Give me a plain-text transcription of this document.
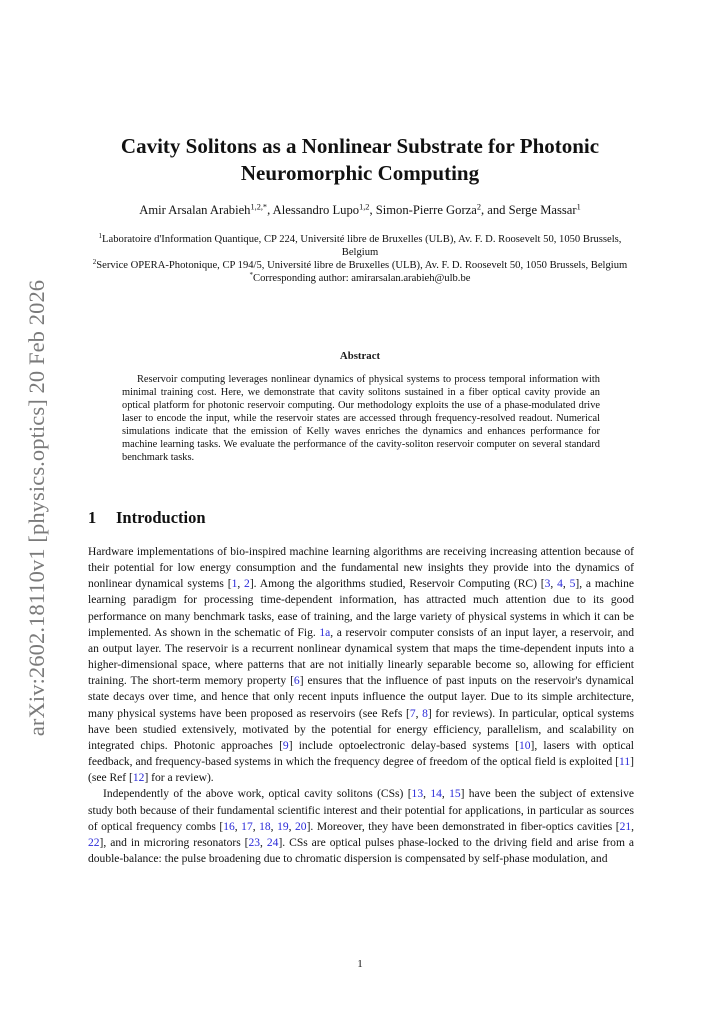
arXiv:2602.18110v1 [physics.optics] 20 Feb 2026
Cavity Solitons as a Nonlinear Substrate for Photonic
Neuromorphic Computing
Amir Arsalan Arabieh$^{1,2,*}$, Alessandro Lupo$^{1,2}$, Simon-Pierre Gorza$^2$, and Serge Massar$^1$

$^1$Laboratoire d'Information Quantique, CP 224, Université libre de Bruxelles (ULB), Av. F. D. Roosevelt 50, 1050 Brussels, Belgium

$^2$Service OPERA-Photonique, CP 194/5, Université libre de Bruxelles (ULB), Av. F. D. Roosevelt 50, 1050 Brussels, Belgium

*Corresponding author: amirarsalan.arabieh@ulb.be

Abstract

Reservoir computing leverages nonlinear dynamics of physical systems to process temporal information with minimal training cost. Here, we demonstrate that cavity solitons sustained in a fiber optical cavity provide an optical platform for photonic reservoir computing. Our methodology exploits the use of a phase-modulated drive laser to encode the input, while the reservoir states are accessed through frequency-resolved readout. Numerical simulations indicate that the emission of Kelly waves enriches the dynamics and enhances performance for machine learning tasks. We evaluate the performance of the cavity-soliton reservoir computer on several standard benchmark tasks.

1 Introduction

Hardware implementations of bio-inspired machine learning algorithms are receiving increasing attention because of their potential for low energy consumption and the fundamental new insights they provide into the dynamics of nonlinear dynamical systems [1, 2]. Among the algorithms studied, Reservoir Computing (RC) [3, 4, 5], a machine learning paradigm for processing time-dependent information, has attracted much attention due to its good performance on many benchmark tasks, ease of training, and the large variety of physical systems in which it can be implemented. As shown in the schematic of Fig. 1a, a reservoir computer consists of an input layer, a reservoir, and an output layer. The reservoir is a recurrent nonlinear dynamical system that maps the time-dependent inputs into a higher-dimensional space, where patterns that are not initially linearly separable become so, allowing for efficient training. The short-term memory property [6] ensures that the influence of past inputs on the reservoir's dynamical state decays over time, and hence that only recent inputs influence the output layer. Due to its simple architecture, many physical systems have been proposed as reservoirs (see Refs [7, 8] for reviews). In particular, optical systems have been studied extensively, motivated by the potential for energy efficiency, parallelism, and scalability on integrated chips. Photonic approaches [9] include optoelectronic delay-based systems [10], lasers with optical feedback, and frequency-based systems in which the frequency degree of freedom of the optical field is exploited [11](see Ref [12] for a review).

Independently of the above work, optical cavity solitons (CSs) [13, 14, 15] have been the subject of extensive study both because of their fundamental scientific interest and their potential for applications, in particular as sources of optical frequency combs [16, 17, 18, 19, 20]. Moreover, they have been demonstrated in fiber-optics cavities [21, 22], and in microring resonators [23, 24]. CSs are optical pulses phase-locked to the driving field and arise from a double-balance: the pulse broadening due to chromatic dispersion is compensated by self-phase modulation, and

1
